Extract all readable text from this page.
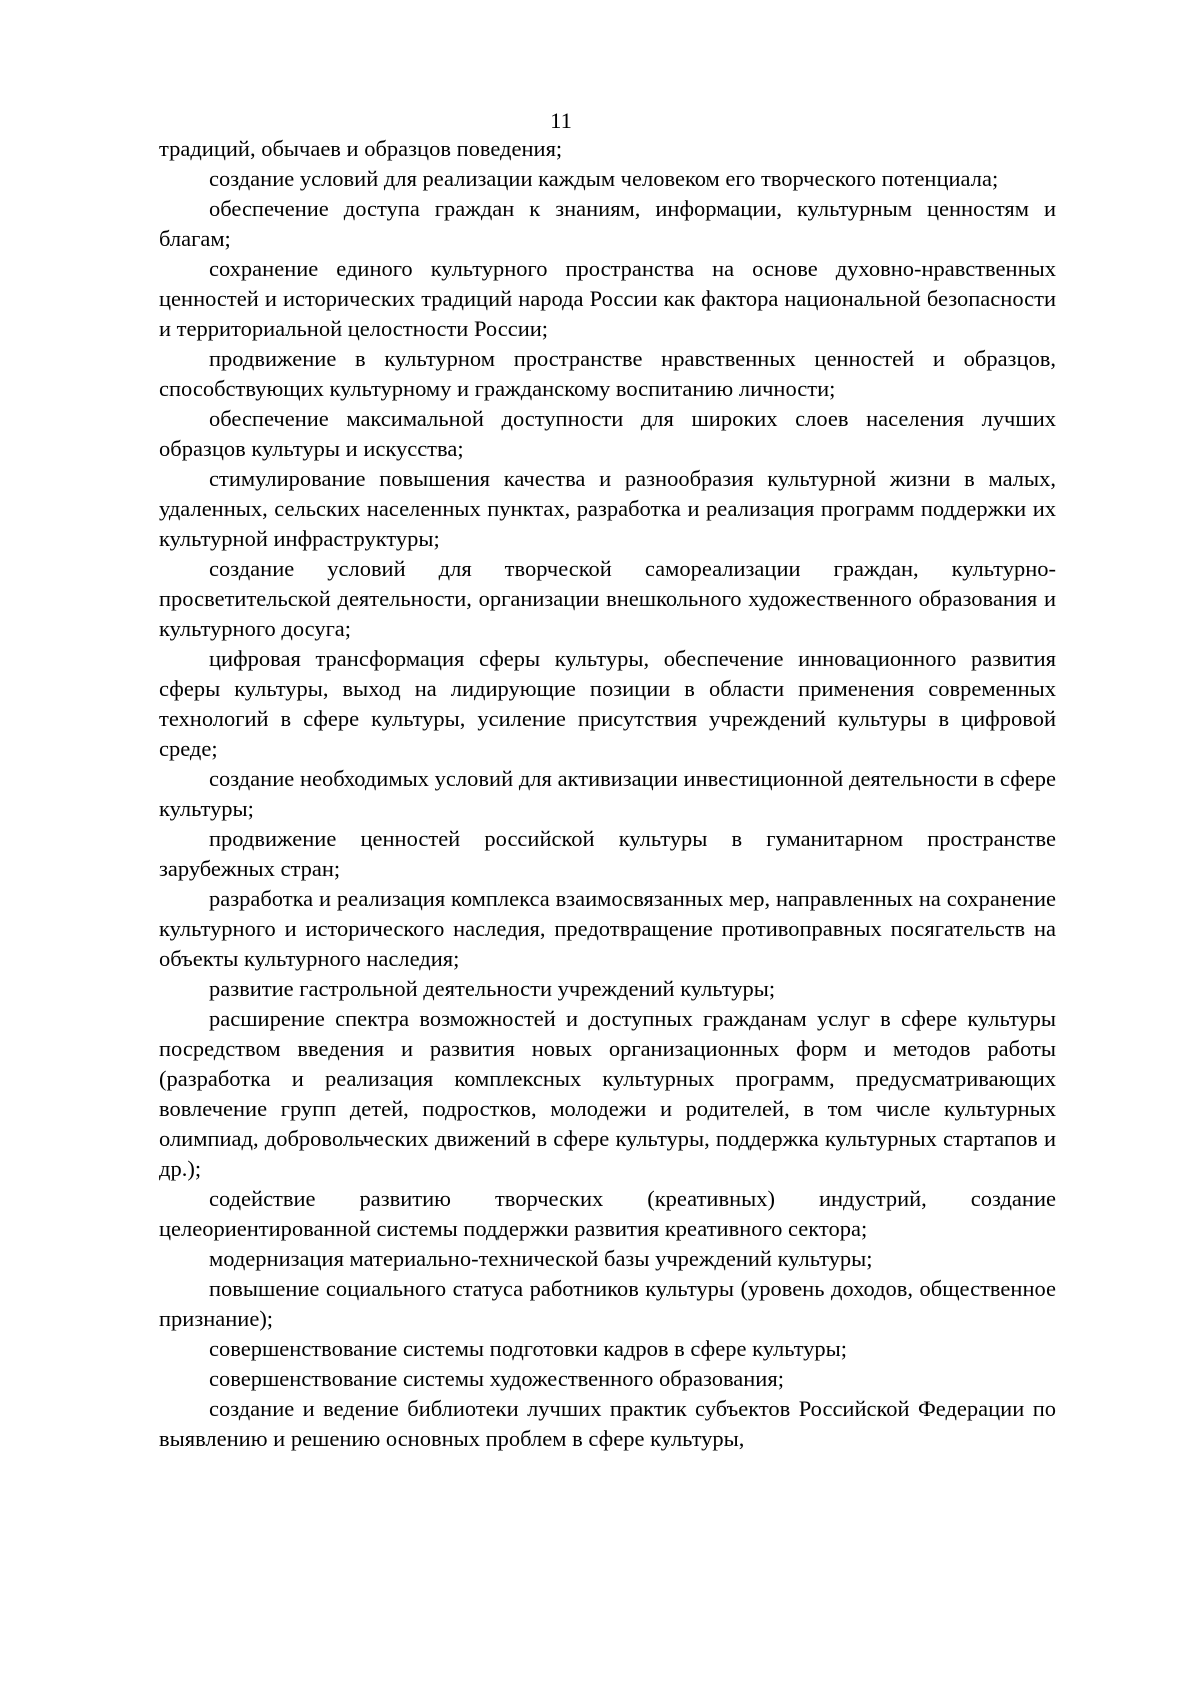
11

традиций, обычаев и образцов поведения;

создание условий для реализации каждым человеком его творческого потенциала;

обеспечение доступа граждан к знаниям, информации, культурным ценностям и благам;

сохранение единого культурного пространства на основе духовно-нравственных ценностей и исторических традиций народа России как фактора национальной безопасности и территориальной целостности России;

продвижение в культурном пространстве нравственных ценностей и образцов, способствующих культурному и гражданскому воспитанию личности;

обеспечение максимальной доступности для широких слоев населения лучших образцов культуры и искусства;

стимулирование повышения качества и разнообразия культурной жизни в малых, удаленных, сельских населенных пунктах, разработка и реализация программ поддержки их культурной инфраструктуры;

создание условий для творческой самореализации граждан, культурно-просветительской деятельности, организации внешкольного художественного образования и культурного досуга;

цифровая трансформация сферы культуры, обеспечение инновационного развития сферы культуры, выход на лидирующие позиции в области применения современных технологий в сфере культуры, усиление присутствия учреждений культуры в цифровой среде;

создание необходимых условий для активизации инвестиционной деятельности в сфере культуры;

продвижение ценностей российской культуры в гуманитарном пространстве зарубежных стран;

разработка и реализация комплекса взаимосвязанных мер, направленных на сохранение культурного и исторического наследия, предотвращение противоправных посягательств на объекты культурного наследия;

развитие гастрольной деятельности учреждений культуры;

расширение спектра возможностей и доступных гражданам услуг в сфере культуры посредством введения и развития новых организационных форм и методов работы (разработка и реализация комплексных культурных программ, предусматривающих вовлечение групп детей, подростков, молодежи и родителей, в том числе культурных олимпиад, добровольческих движений в сфере культуры, поддержка культурных стартапов и др.);

содействие развитию творческих (креативных) индустрий, создание целеориентированной системы поддержки развития креативного сектора;

модернизация материально-технической базы учреждений культуры;

повышение социального статуса работников культуры (уровень доходов, общественное признание);

совершенствование системы подготовки кадров в сфере культуры;

совершенствование системы художественного образования;

создание и ведение библиотеки лучших практик субъектов Российской Федерации по выявлению и решению основных проблем в сфере культуры,
